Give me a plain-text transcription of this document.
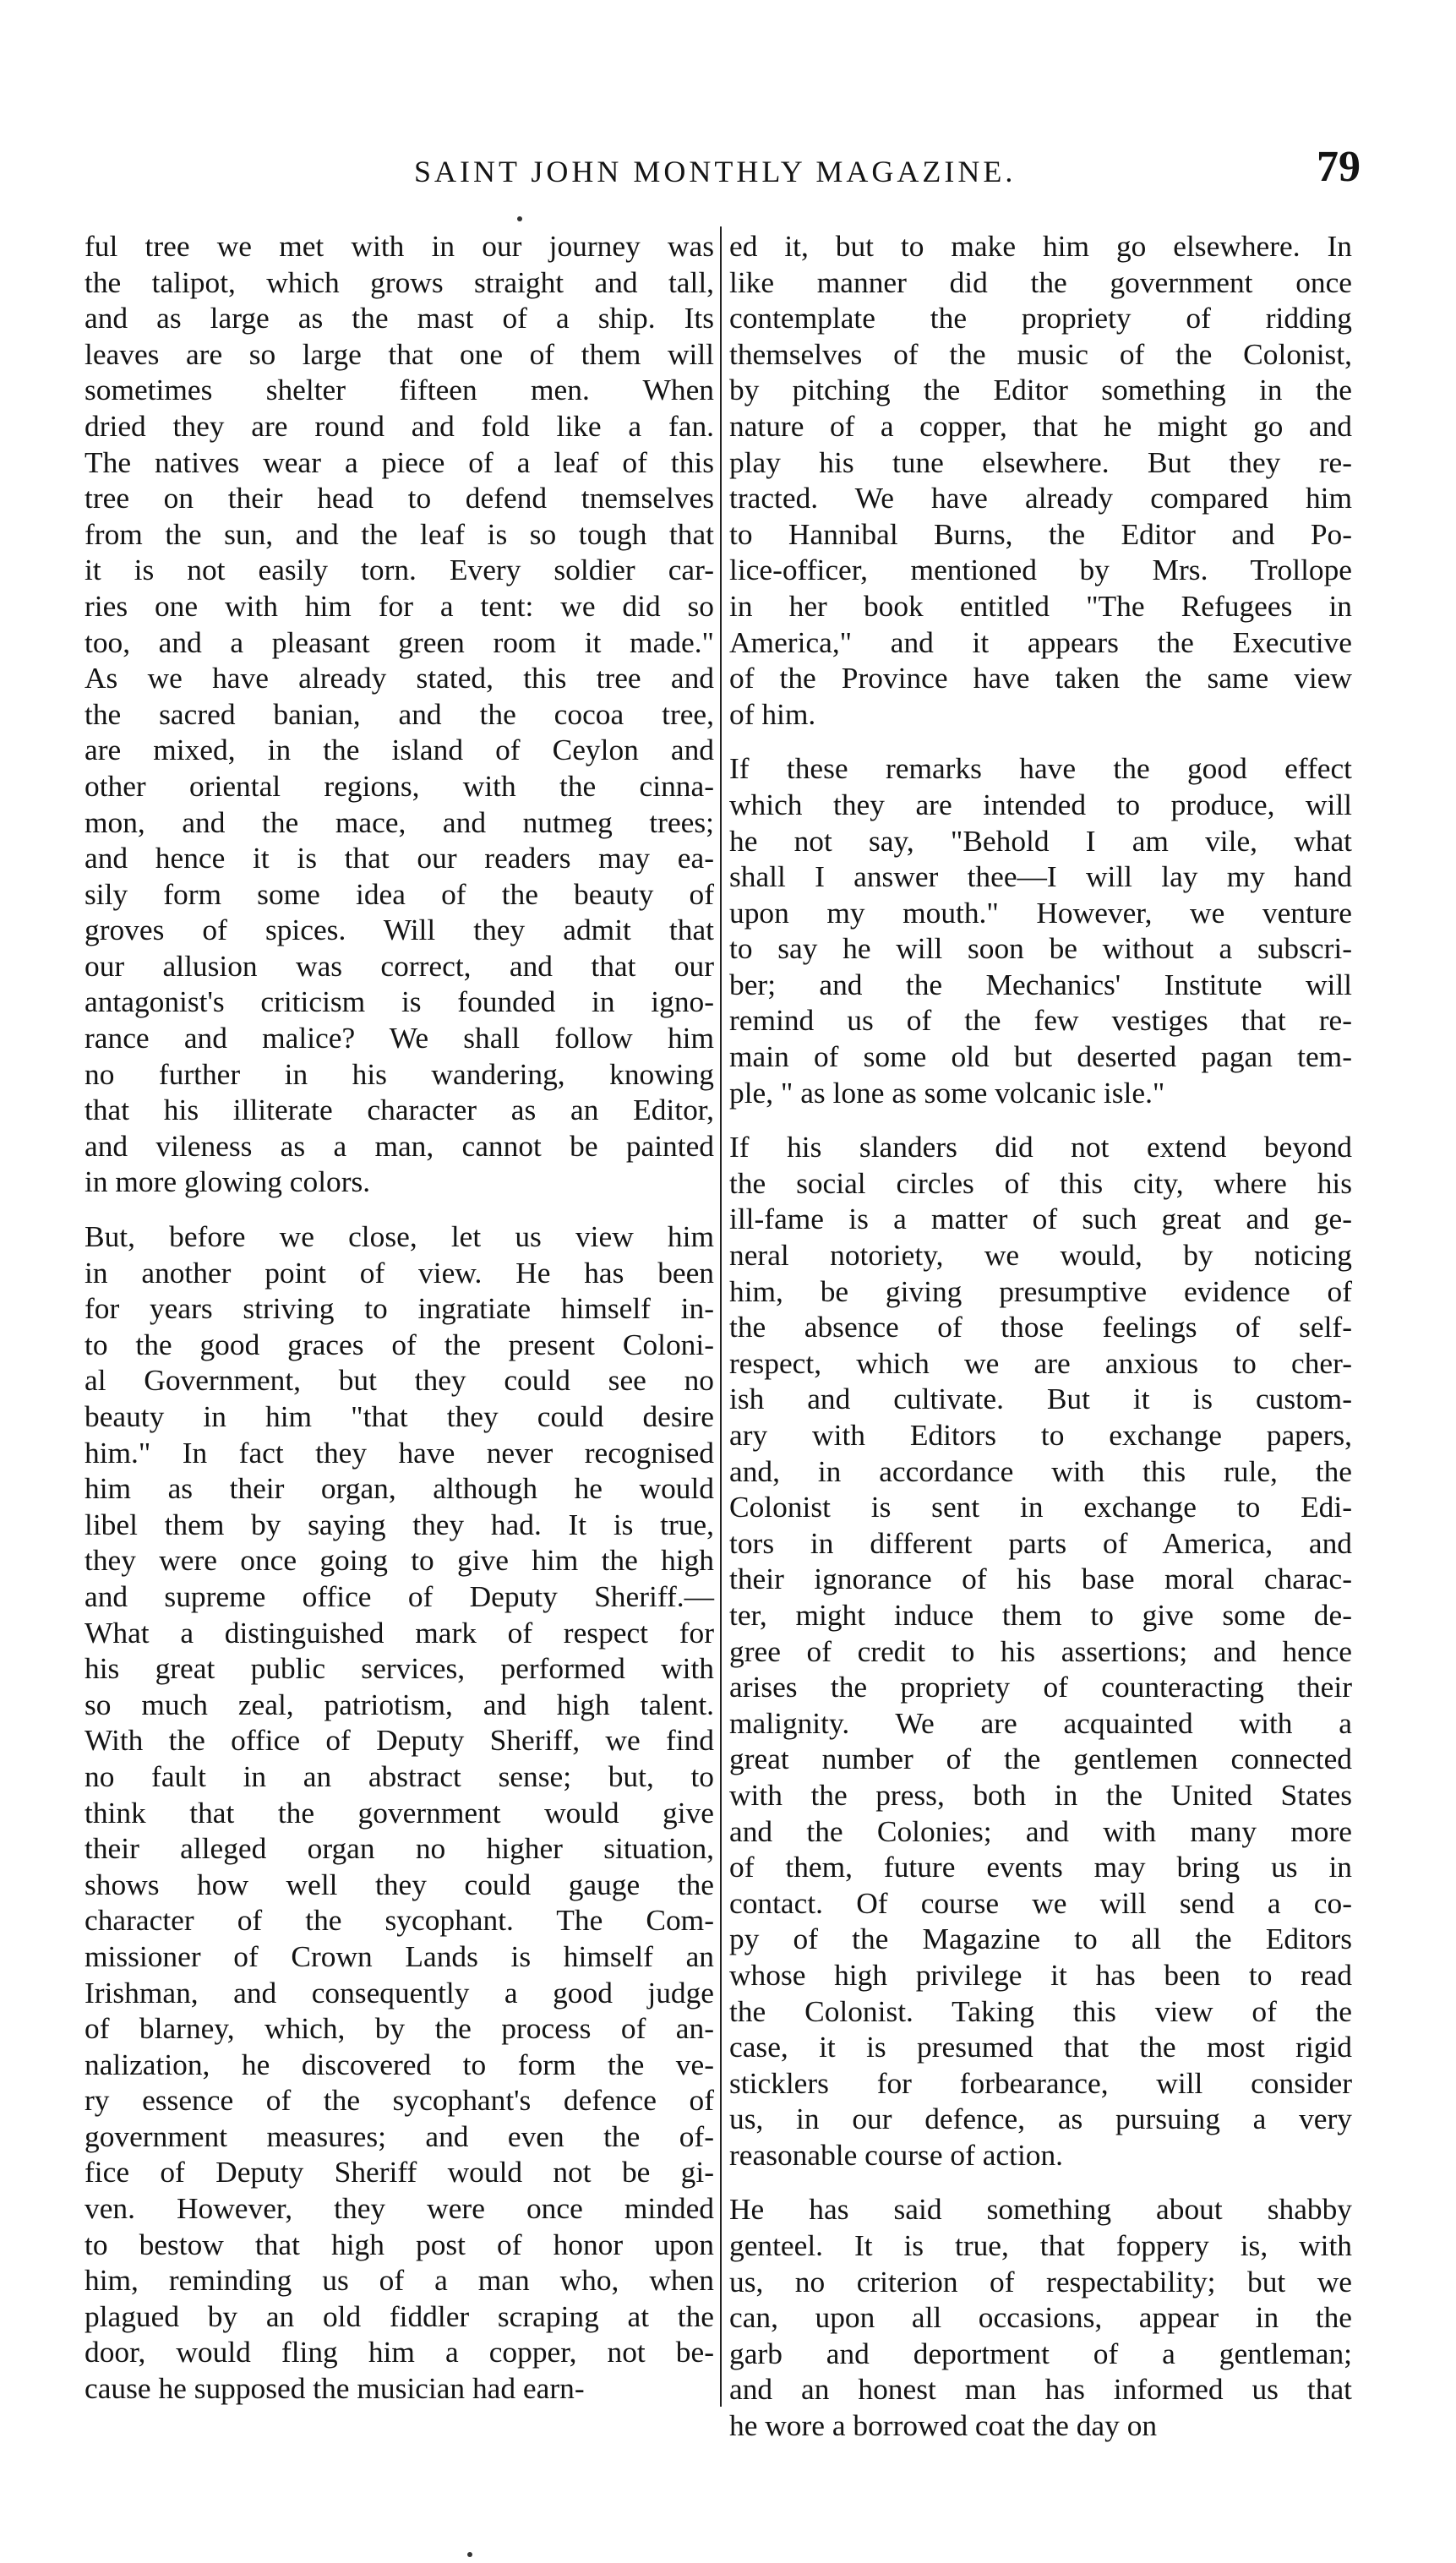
SAINT JOHN MONTHLY MAGAZINE.	79
ful tree we met with in our journey was
the talipot, which grows straight and tall,
and as large as the mast of a ship. Its
leaves are so large that one of them will
sometimes shelter fifteen men. When
dried they are round and fold like a fan.
The natives wear a piece of a leaf of this
tree on their head to defend tnemselves
from the sun, and the leaf is so tough that
it is not easily torn. Every soldier car-
ries one with him for a tent: we did so
too, and a pleasant green room it made."
As we have already stated, this tree and
the sacred banian, and the cocoa tree,
are mixed, in the island of Ceylon and
other oriental regions, with the cinna-
mon, and the mace, and nutmeg trees;
and hence it is that our readers may ea-
sily form some idea of the beauty of
groves of spices. Will they admit that
our allusion was correct, and that our
antagonist's criticism is founded in igno-
rance and malice? We shall follow him
no further in his wandering, knowing
that his illiterate character as an Editor,
and vileness as a man, cannot be painted
in more glowing colors.
But, before we close, let us view him
in another point of view. He has been
for years striving to ingratiate himself in-
to the good graces of the present Coloni-
al Government, but they could see no
beauty in him "that they could desire
him." In fact they have never recognised
him as their organ, although he would
libel them by saying they had. It is true,
they were once going to give him the high
and supreme office of Deputy Sheriff.—
What a distinguished mark of respect for
his great public services, performed with
so much zeal, patriotism, and high talent.
With the office of Deputy Sheriff, we find
no fault in an abstract sense; but, to
think that the government would give
their alleged organ no higher situation,
shows how well they could gauge the
character of the sycophant. The Com-
missioner of Crown Lands is himself an
Irishman, and consequently a good judge
of blarney, which, by the process of an-
nalization, he discovered to form the ve-
ry essence of the sycophant's defence of
government measures; and even the of-
fice of Deputy Sheriff would not be gi-
ven. However, they were once minded
to bestow that high post of honor upon
him, reminding us of a man who, when
plagued by an old fiddler scraping at the
door, would fling him a copper, not be-
cause he supposed the musician had earn-
ed it, but to make him go elsewhere. In
like manner did the government once
contemplate the propriety of ridding
themselves of the music of the Colonist,
by pitching the Editor something in the
nature of a copper, that he might go and
play his tune elsewhere. But they re-
tracted. We have already compared him
to Hannibal Burns, the Editor and Po-
lice-officer, mentioned by Mrs. Trollope
in her book entitled "The Refugees in
America," and it appears the Executive
of the Province have taken the same view
of him.
If these remarks have the good effect
which they are intended to produce, will
he not say, "Behold I am vile, what
shall I answer thee—I will lay my hand
upon my mouth." However, we venture
to say he will soon be without a subscri-
ber; and the Mechanics' Institute will
remind us of the few vestiges that re-
main of some old but deserted pagan tem-
ple, " as lone as some volcanic isle."
If his slanders did not extend beyond
the social circles of this city, where his
ill-fame is a matter of such great and ge-
neral notoriety, we would, by noticing
him, be giving presumptive evidence of
the absence of those feelings of self-
respect, which we are anxious to cher-
ish and cultivate. But it is custom-
ary with Editors to exchange papers,
and, in accordance with this rule, the
Colonist is sent in exchange to Edi-
tors in different parts of America, and
their ignorance of his base moral charac-
ter, might induce them to give some de-
gree of credit to his assertions; and hence
arises the propriety of counteracting their
malignity. We are acquainted with a
great number of the gentlemen connected
with the press, both in the United States
and the Colonies; and with many more
of them, future events may bring us in
contact. Of course we will send a co-
py of the Magazine to all the Editors
whose high privilege it has been to read
the Colonist. Taking this view of the
case, it is presumed that the most rigid
sticklers for forbearance, will consider
us, in our defence, as pursuing a very
reasonable course of action.
He has said something about shabby
genteel. It is true, that foppery is, with
us, no criterion of respectability; but we
can, upon all occasions, appear in the
garb and deportment of a gentleman;
and an honest man has informed us that
he wore a borrowed coat the day on
